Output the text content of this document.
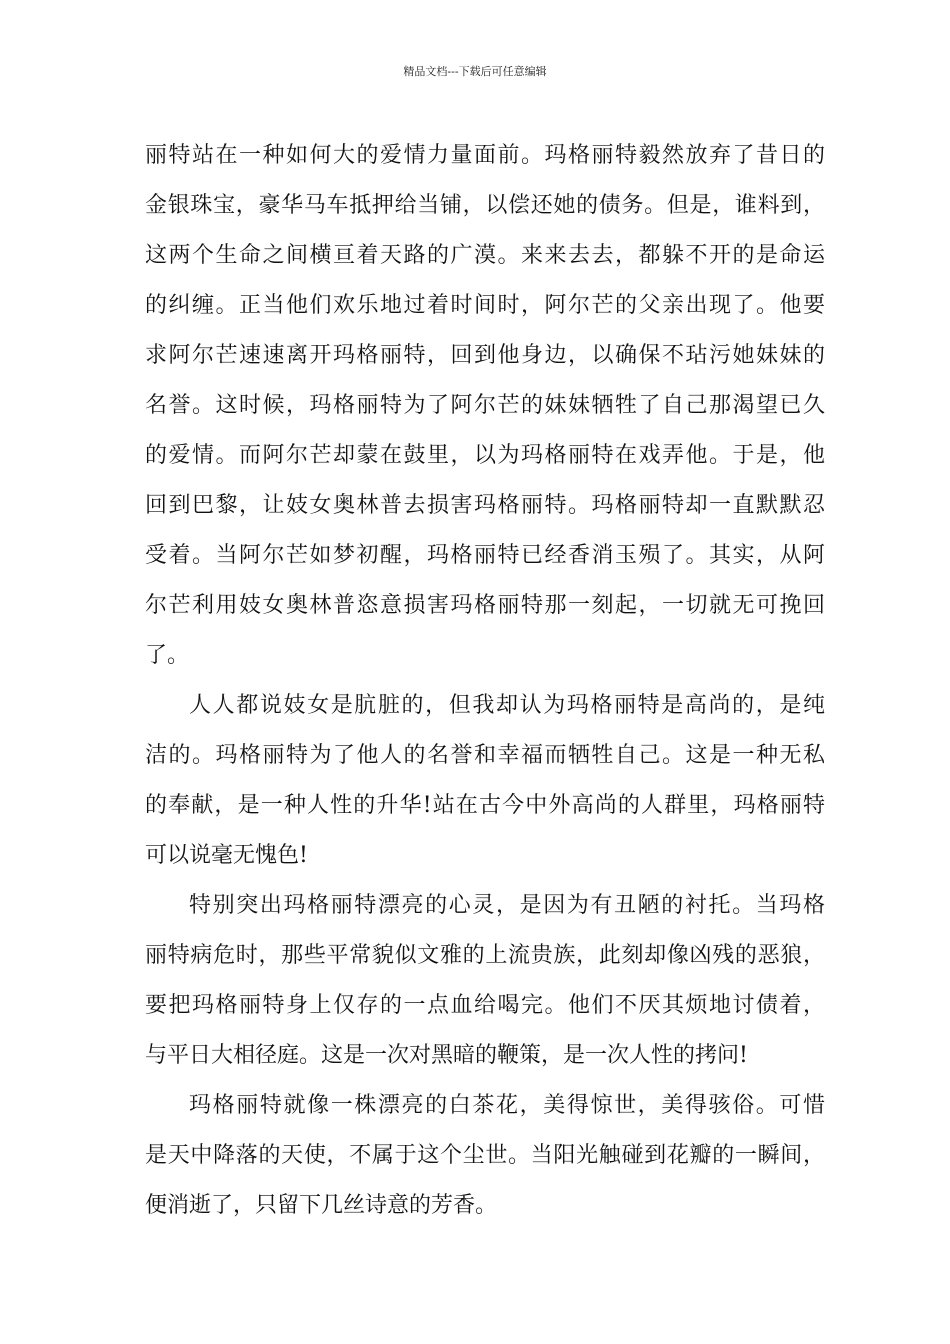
精品文档---下载后可任意编辑
丽特站在一种如何大的爱情力量面前。玛格丽特毅然放弃了昔日的
金银珠宝，豪华马车抵押给当铺，以偿还她的债务。但是，谁料到，
这两个生命之间横亘着天路的广漠。来来去去，都躲不开的是命运
的纠缠。正当他们欢乐地过着时间时，阿尔芒的父亲出现了。他要
求阿尔芒速速离开玛格丽特，回到他身边，以确保不玷污她妹妹的
名誉。这时候，玛格丽特为了阿尔芒的妹妹牺牲了自己那渴望已久
的爱情。而阿尔芒却蒙在鼓里，以为玛格丽特在戏弄他。于是，他
回到巴黎，让妓女奥林普去损害玛格丽特。玛格丽特却一直默默忍
受着。当阿尔芒如梦初醒，玛格丽特已经香消玉殒了。其实，从阿
尔芒利用妓女奥林普恣意损害玛格丽特那一刻起，一切就无可挽回
了。
人人都说妓女是肮脏的，但我却认为玛格丽特是高尚的，是纯
洁的。玛格丽特为了他人的名誉和幸福而牺牲自己。这是一种无私
的奉献，是一种人性的升华!站在古今中外高尚的人群里，玛格丽特
可以说毫无愧色!
特别突出玛格丽特漂亮的心灵，是因为有丑陋的衬托。当玛格
丽特病危时，那些平常貌似文雅的上流贵族，此刻却像凶残的恶狼，
要把玛格丽特身上仅存的一点血给喝完。他们不厌其烦地讨债着，
与平日大相径庭。这是一次对黑暗的鞭策，是一次人性的拷问!
玛格丽特就像一株漂亮的白茶花，美得惊世，美得骇俗。可惜
是天中降落的天使，不属于这个尘世。当阳光触碰到花瓣的一瞬间，
便消逝了，只留下几丝诗意的芳香。
